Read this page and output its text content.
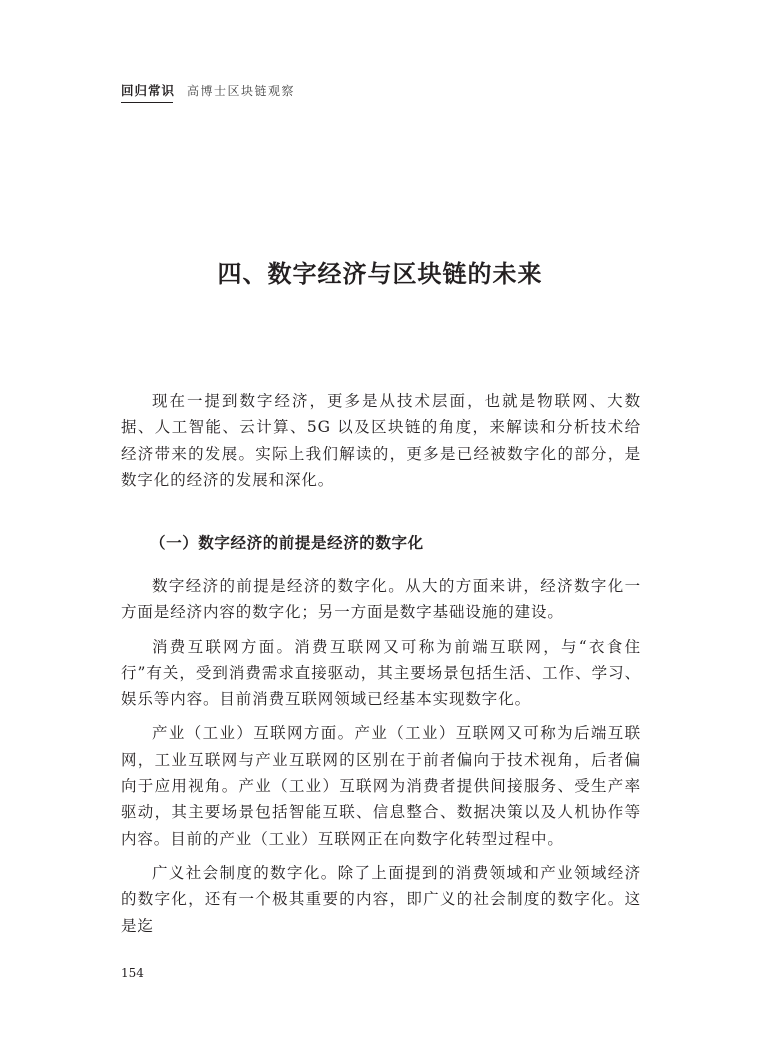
回归常识 高博士区块链观察
四、数字经济与区块链的未来

现在一提到数字经济，更多是从技术层面，也就是物联网、大数据、人工智能、云计算、5G 以及区块链的角度，来解读和分析技术给经济带来的发展。实际上我们解读的，更多是已经被数字化的部分，是数字化的经济的发展和深化。

（一）数字经济的前提是经济的数字化

数字经济的前提是经济的数字化。从大的方面来讲，经济数字化一方面是经济内容的数字化；另一方面是数字基础设施的建设。

消费互联网方面。消费互联网又可称为前端互联网，与“衣食住行”有关，受到消费需求直接驱动，其主要场景包括生活、工作、学习、娱乐等内容。目前消费互联网领域已经基本实现数字化。

产业（工业）互联网方面。产业（工业）互联网又可称为后端互联网，工业互联网与产业互联网的区别在于前者偏向于技术视角，后者偏向于应用视角。产业（工业）互联网为消费者提供间接服务、受生产率驱动，其主要场景包括智能互联、信息整合、数据决策以及人机协作等内容。目前的产业（工业）互联网正在向数字化转型过程中。

广义社会制度的数字化。除了上面提到的消费领域和产业领域经济的数字化，还有一个极其重要的内容，即广义的社会制度的数字化。这是迄

154
